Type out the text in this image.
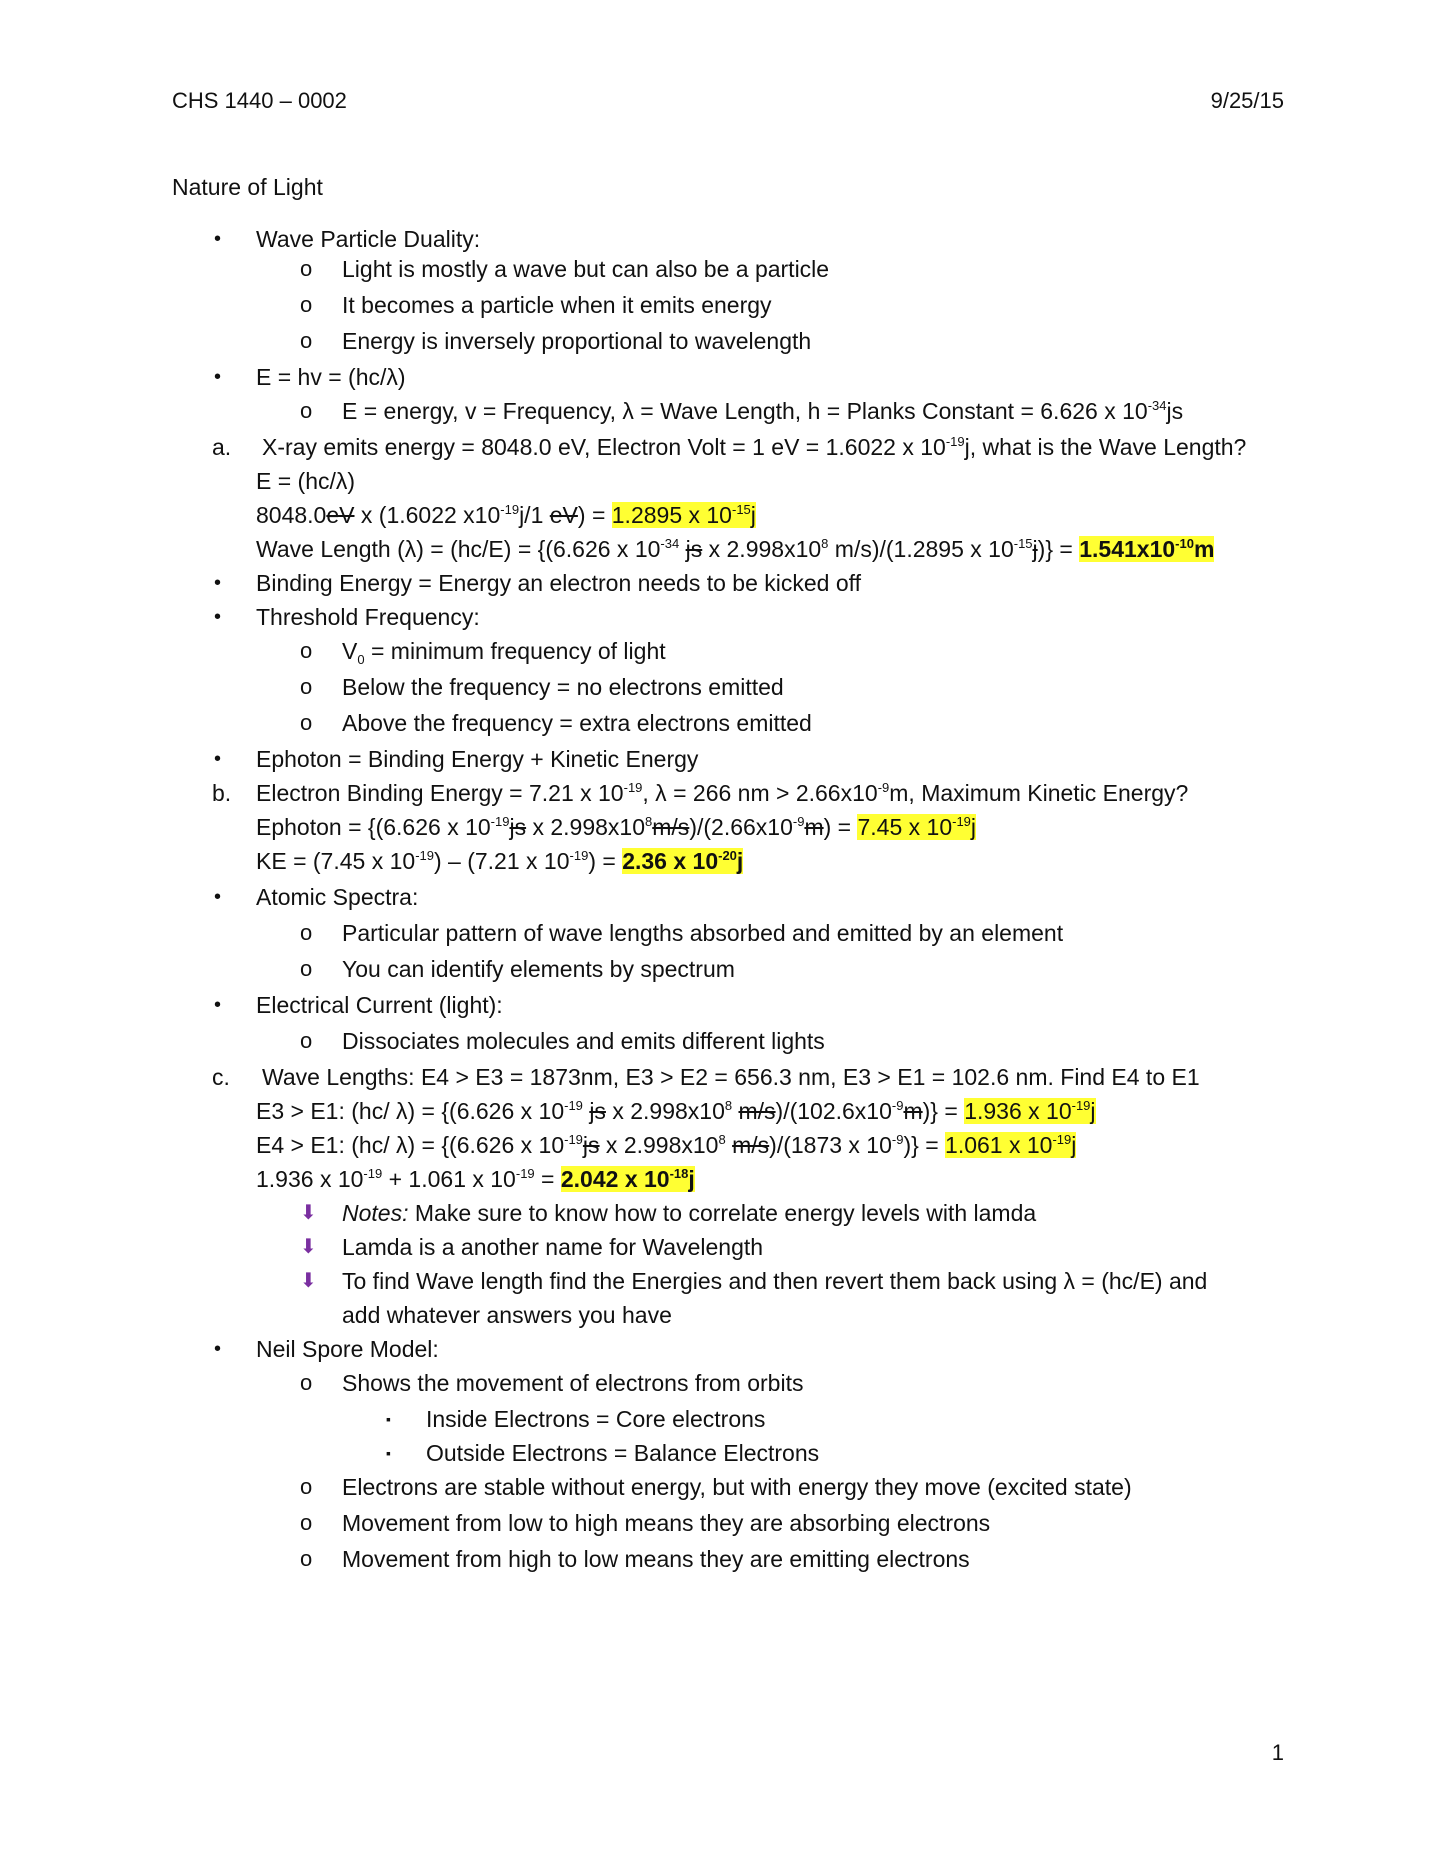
CHS 1440 – 0002	9/25/15
Nature of Light
• Wave Particle Duality:
o Light is mostly a wave but can also be a particle
o It becomes a particle when it emits energy
o Energy is inversely proportional to wavelength
• E = hv = (hc/λ)
o E = energy, v = Frequency, λ = Wave Length, h = Planks Constant = 6.626 x $10^{-34}js$
a. X-ray emits energy = 8048.0 eV, Electron Volt = 1 eV = 1.6022 x $10^{-19}j$, what is the Wave Length?
E = (hc/λ)
8048.0eV x (1.6022 $x10^{-19}j/1$ eV) = 1.2895 x $10^{-15}j$
Wave Length (λ) = (hc/E) = {(6.626 x $10^{-34}$ js x $2.998x10^8$ m/s)/(1.2895 x $10^{-15}j)\} = 1.541x10^{-10}m$
• Binding Energy = Energy an electron needs to be kicked off
• Threshold Frequency:
o $V_0$ = minimum frequency of light
o Below the frequency = no electrons emitted
o Above the frequency = extra electrons emitted
• Ephoton = Binding Energy + Kinetic Energy
b. Electron Binding Energy = 7.21 x $10^{-19}$, λ = 266 nm > $2.66x10^{-9}m$, Maximum Kinetic Energy?
Ephoton = {(6.626 x $10^{-19}js$ x $2.998x10^8m/s)/(2.66x10^{-9}m) = 7.45$ x $10^{-19}j$
KE = (7.45 x $10^{-19}) - (7.21$ x $10^{-19}) = 2.36$ x $10^{-20}j$
• Atomic Spectra:
o Particular pattern of wave lengths absorbed and emitted by an element
o You can identify elements by spectrum
• Electrical Current (light):
o Dissociates molecules and emits different lights
c. Wave Lengths: E4 > E3 = 1873nm, E3 > E2 = 656.3 nm, E3 > E1 = 102.6 nm. Find E4 to E1
E3 > E1: (hc/ λ) = {(6.626 x $10^{-19}$ js x $2.998x10^8$ $m/s)/(102.6x10^{-9}m)\} = 1.936$ x $10^{-19}j$
E4 > E1: (hc/ λ) = {(6.626 x $10^{-19}js$ x $2.998x10^8$ m/s)/(1873 x $10^{-9})\} = 1.061$ x $10^{-19}j$
1.936 x $10^{-19} + 1.061$ x $10^{-19} = 2.042$ x $10^{-18}j$
⬇ Notes: Make sure to know how to correlate energy levels with lamda
⬇ Lamda is a another name for Wavelength
⬇ To find Wave length find the Energies and then revert them back using λ = (hc/E) and
add whatever answers you have
• Neil Spore Model:
o Shows the movement of electrons from orbits
▪ Inside Electrons = Core electrons
▪ Outside Electrons = Balance Electrons
o Electrons are stable without energy, but with energy they move (excited state)
o Movement from low to high means they are absorbing electrons
o Movement from high to low means they are emitting electrons
1
